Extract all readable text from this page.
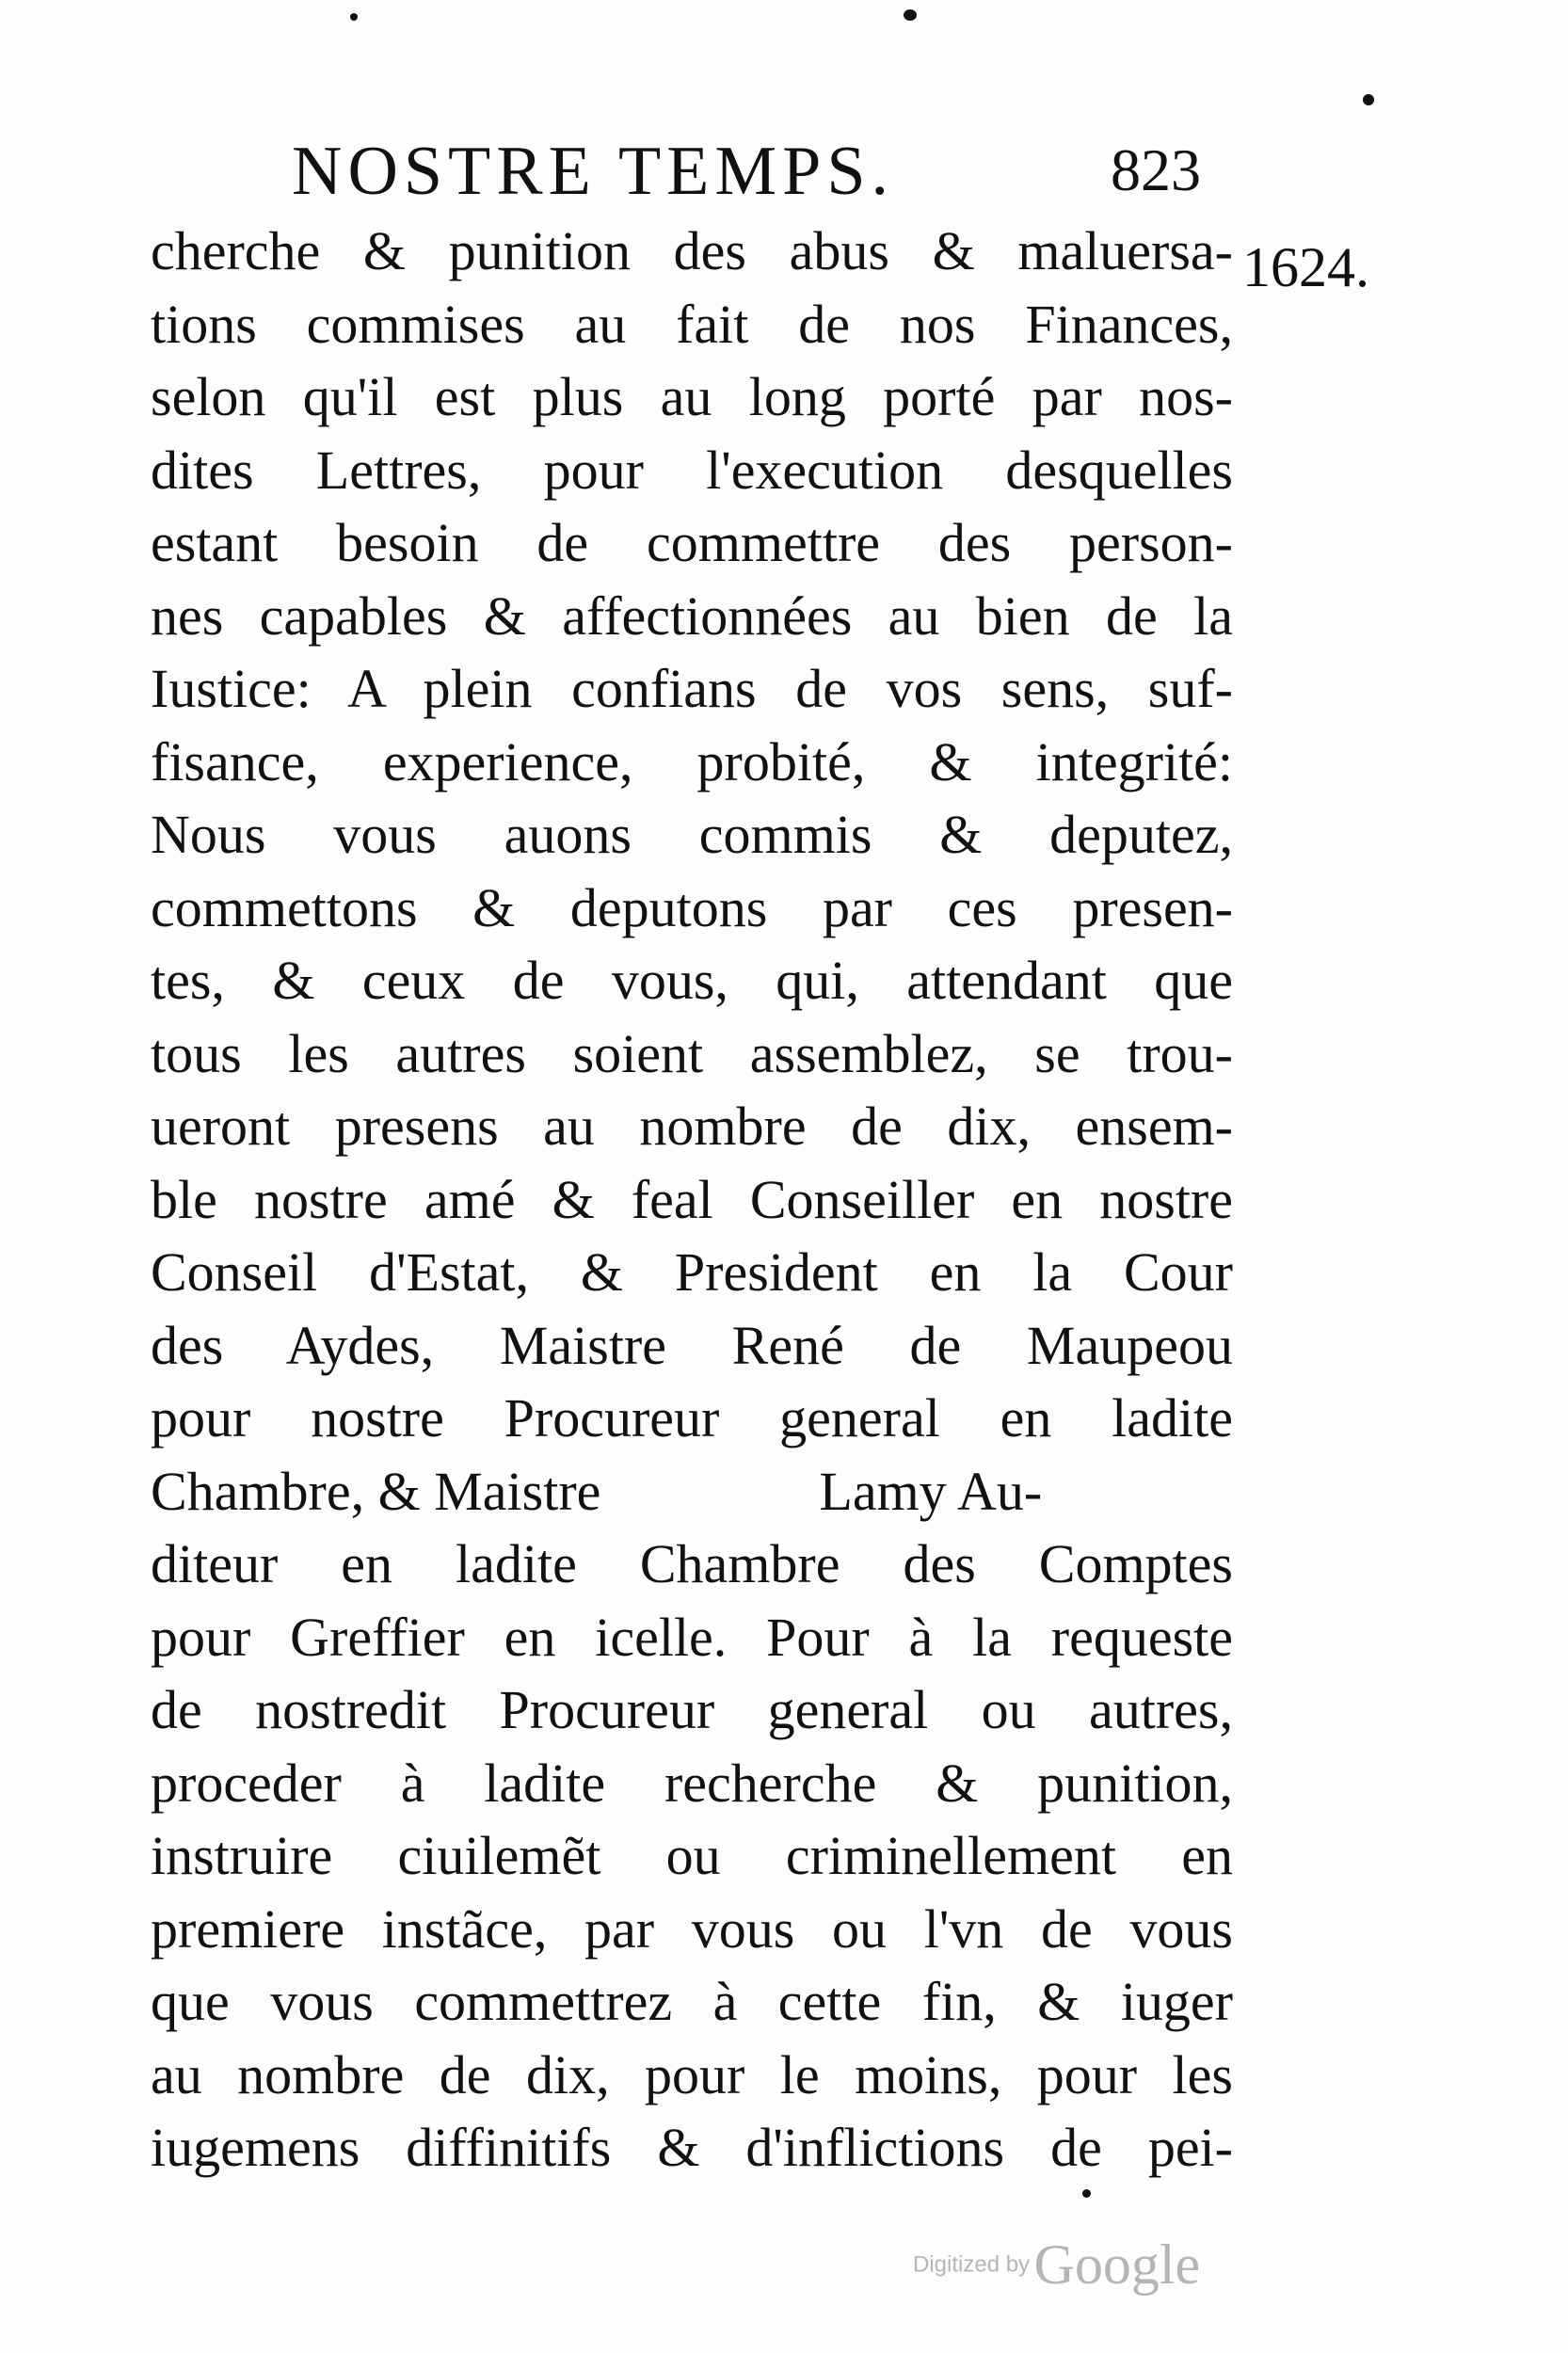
NOSTRE TEMPS.	823
1624.
cherche & punition des abus & maluersa-
tions commises au fait de nos Finances,
selon qu'il est plus au long porté par nos-
dites Lettres, pour l'execution desquelles
estant besoin de commettre des person-
nes capables & affectionnées au bien de la
Iustice: A plein confians de vos sens, suf-
fisance, experience, probité, & integrité:
Nous vous auons commis & deputez,
commettons & deputons par ces presen-
tes, & ceux de vous, qui, attendant que
tous les autres soient assemblez, se trou-
ueront presens au nombre de dix, ensem-
ble nostre amé & feal Conseiller en nostre
Conseil d'Estat, & President en la Cour
des Aydes, Maistre René de Maupeou
pour nostre Procureur general en ladite
Chambre, & Maistre                Lamy Au-
diteur en ladite Chambre des Comptes
pour Greffier en icelle. Pour à la requeste
de nostredit Procureur general ou autres,
proceder à ladite recherche & punition,
instruire ciuilemẽt ou criminellement en
premiere instãce, par vous ou l'vn de vous
que vous commettrez à cette fin, & iuger
au nombre de dix, pour le moins, pour les
iugemens diffinitifs & d'inflictions de pei-
Digitized by Google
